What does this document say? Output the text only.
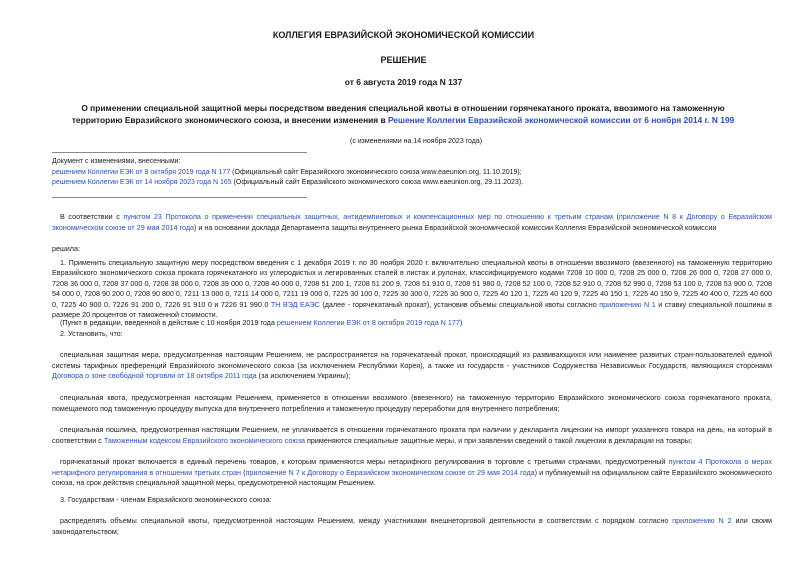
КОЛЛЕГИЯ ЕВРАЗИЙСКОЙ ЭКОНОМИЧЕСКОЙ КОМИССИИ
РЕШЕНИЕ
от 6 августа 2019 года N 137
О применении специальной защитной меры посредством введения специальной квоты в отношении горячекатаного проката, ввозимого на таможенную территорию Евразийского экономического союза, и внесении изменения в Решение Коллегии Евразийской экономической комиссии от 6 ноября 2014 г. N 199
(с изменениями на 14 ноября 2023 года)
Документ с изменениями, внесенными:
решением Коллегии ЕЭК от 8 октября 2019 года N 177 (Официальный сайт Евразийского экономического союза www.eaeunion.org, 11.10.2019);
решением Коллегии ЕЭК от 14 ноября 2023 года N 165 (Официальный сайт Евразийского экономического союза www.eaeunion.org, 29.11.2023).

В соответствии с пунктом 23 Протокола о применении специальных защитных, антидемпинговых и компенсационных мер по отношению к третьим странам (приложение N 8 к Договору о Евразийском экономическом союзе от 29 мая 2014 года) и на основании доклада Департамента защиты внутреннего рынка Евразийской экономической комиссии Коллегия Евразийской экономической комиссии

решила:

1. Применить специальную защитную меру посредством введения с 1 декабря 2019 г. по 30 ноября 2020 г. включительно специальной квоты в отношении ввозимого (ввезенного) на таможенную территорию Евразийского экономического союза проката горячекатаного из углеродистых и легированных сталей в листах и рулонах, классифицируемого кодами 7208 10 000 0, 7208 25 000 0, 7208 26 000 0, 7208 27 000 0, 7208 36 000 0, 7208 37 000 0, 7208 38 000 0, 7208 39 000 0, 7208 40 000 0, 7208 51 200 1, 7208 51 200 9, 7208 51 910 0, 7208 51 980 0, 7208 52 100 0, 7208 52 910 0, 7208 52 990 0, 7208 53 100 0, 7208 53 900 0, 7208 54 000 0, 7208 90 200 0, 7208 90 800 0, 7211 13 000 0, 7211 14 000 0, 7211 19 000 0, 7225 30 100 0, 7225 30 300 0, 7225 30 900 0, 7225 40 120 1, 7225 40 120 9, 7225 40 150 1, 7225 40 150 9, 7225 40 400 0, 7225 40 600 0, 7225 40 900 0, 7226 91 200 0, 7226 91 910 0 и 7226 91 990 0 ТН ВЭД ЕАЭС (далее - горячекатаный прокат), установив объемы специальной квоты согласно приложению N 1 и ставку специальной пошлины в размере 20 процентов от таможенной стоимости.

(Пункт в редакции, введенной в действие с 10 ноября 2019 года решением Коллегии ЕЭК от 8 октября 2019 года N 177)

2. Установить, что:

специальная защитная мера, предусмотренная настоящим Решением, не распространяется на горячекатаный прокат, происходящий из развивающихся или наименее развитых стран-пользователей единой системы тарифных преференций Евразийского экономического союза (за исключением Республики Корея), а также из государств - участников Содружества Независимых Государств, являющихся сторонами Договора о зоне свободной торговли от 18 октября 2011 года (за исключением Украины);

специальная квота, предусмотренная настоящим Решением, применяется в отношении ввозимого (ввезенного) на таможенную территорию Евразийского экономического союза горячекатаного проката, помещаемого под таможенную процедуру выпуска для внутреннего потребления и таможенную процедуру переработки для внутреннего потребления;

специальная пошлина, предусмотренная настоящим Решением, не уплачивается в отношении горячекатаного проката при наличии у декларанта лицензии на импорт указанного товара на день, на который в соответствии с Таможенным кодексом Евразийского экономического союза применяются специальные защитные меры, и при заявлении сведений о такой лицензии в декларации на товары;

горячекатаный прокат включается в единый перечень товаров, к которым применяются меры нетарифного регулирования в торговле с третьими странами, предусмотренный пунктом 4 Протокола о мерах нетарифного регулирования в отношении третьих стран (приложение N 7 к Договору о Евразийском экономическом союзе от 29 мая 2014 года) и публикуемый на официальном сайте Евразийского экономического союза, на срок действия специальной защитной меры, предусмотренной настоящим Решением.

3. Государствам - членам Евразийского экономического союза:

распределять объемы специальной квоты, предусмотренной настоящим Решением, между участниками внешнеторговой деятельности в соответствии с порядком согласно приложению N 2 или своим законодательством;
